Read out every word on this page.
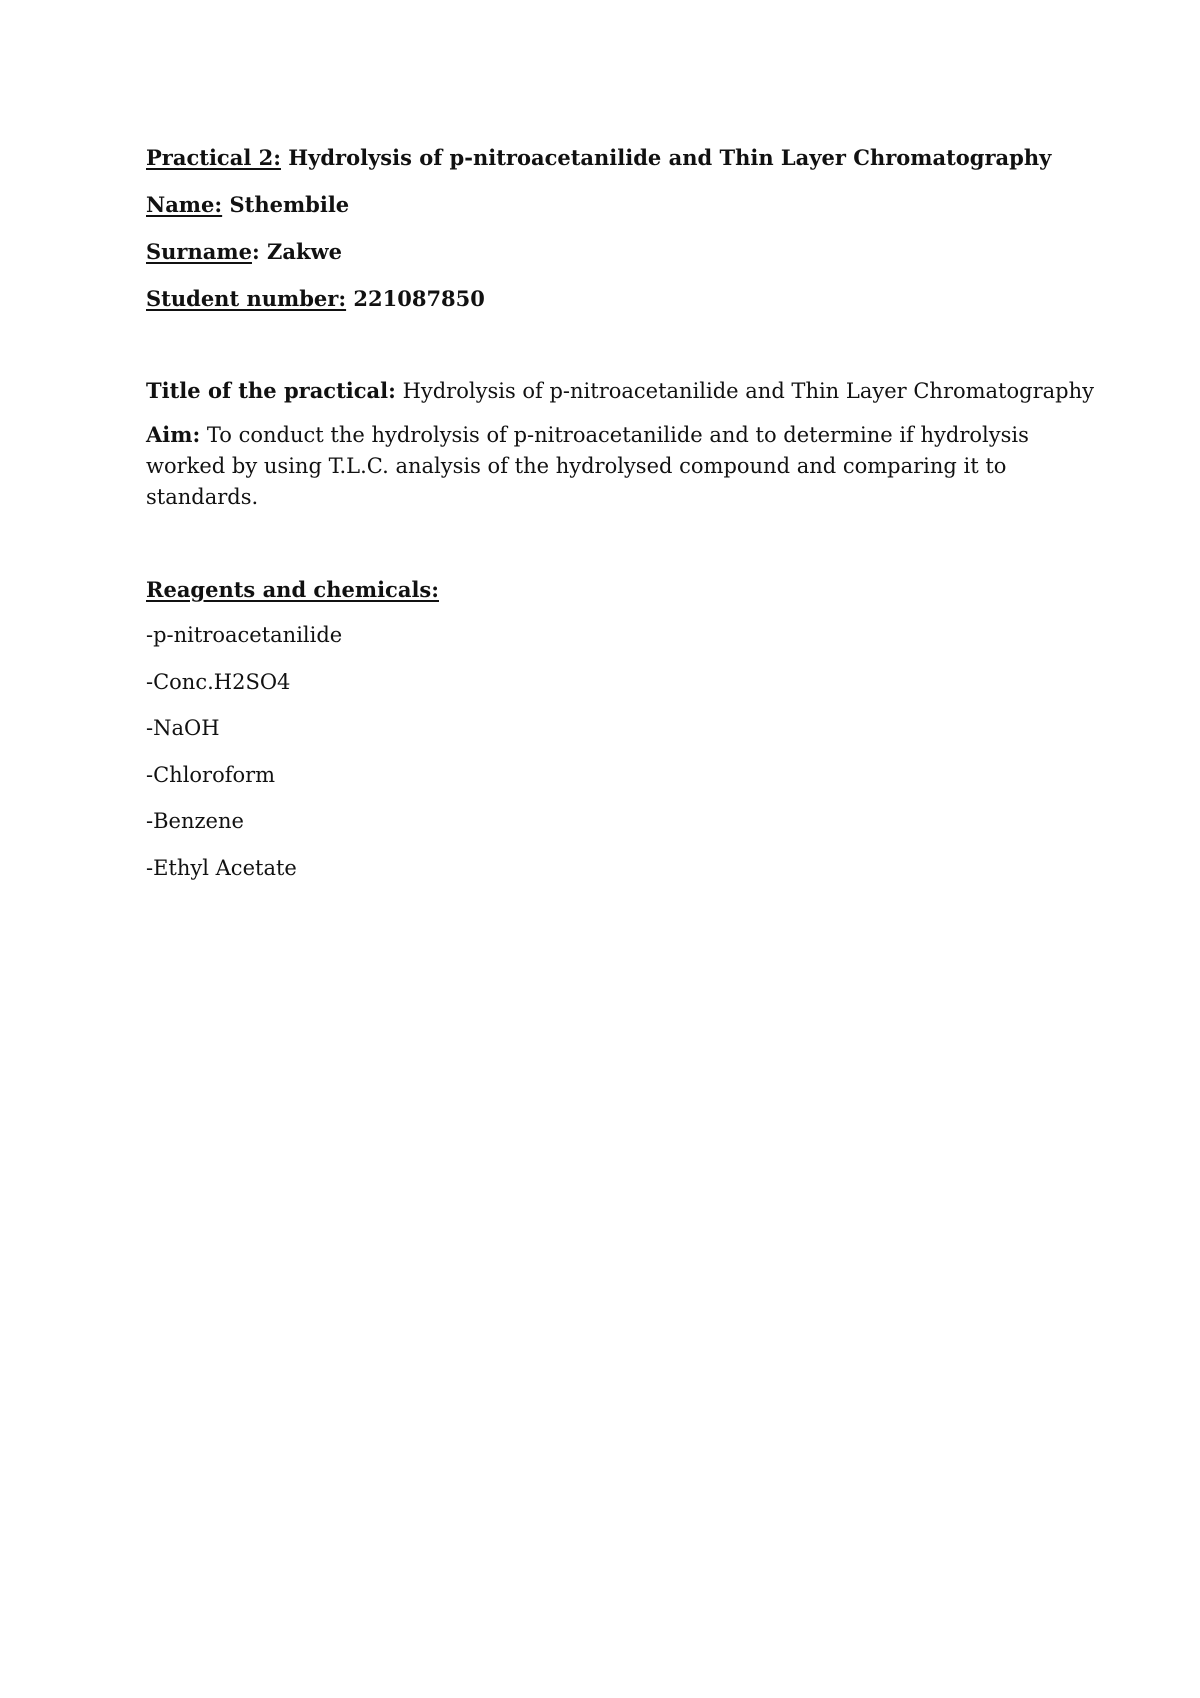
Practical 2: Hydrolysis of p-nitroacetanilide and Thin Layer Chromatography

Name: Sthembile

Surname: Zakwe

Student number: 221087850

Title of the practical: Hydrolysis of p-nitroacetanilide and Thin Layer Chromatography

Aim: To conduct the hydrolysis of p-nitroacetanilide and to determine if hydrolysis worked by using T.L.C. analysis of the hydrolysed compound and comparing it to standards.

Reagents and chemicals:

-p-nitroacetanilide
-Conc.H2SO4
-NaOH
-Chloroform
-Benzene
-Ethyl Acetate
